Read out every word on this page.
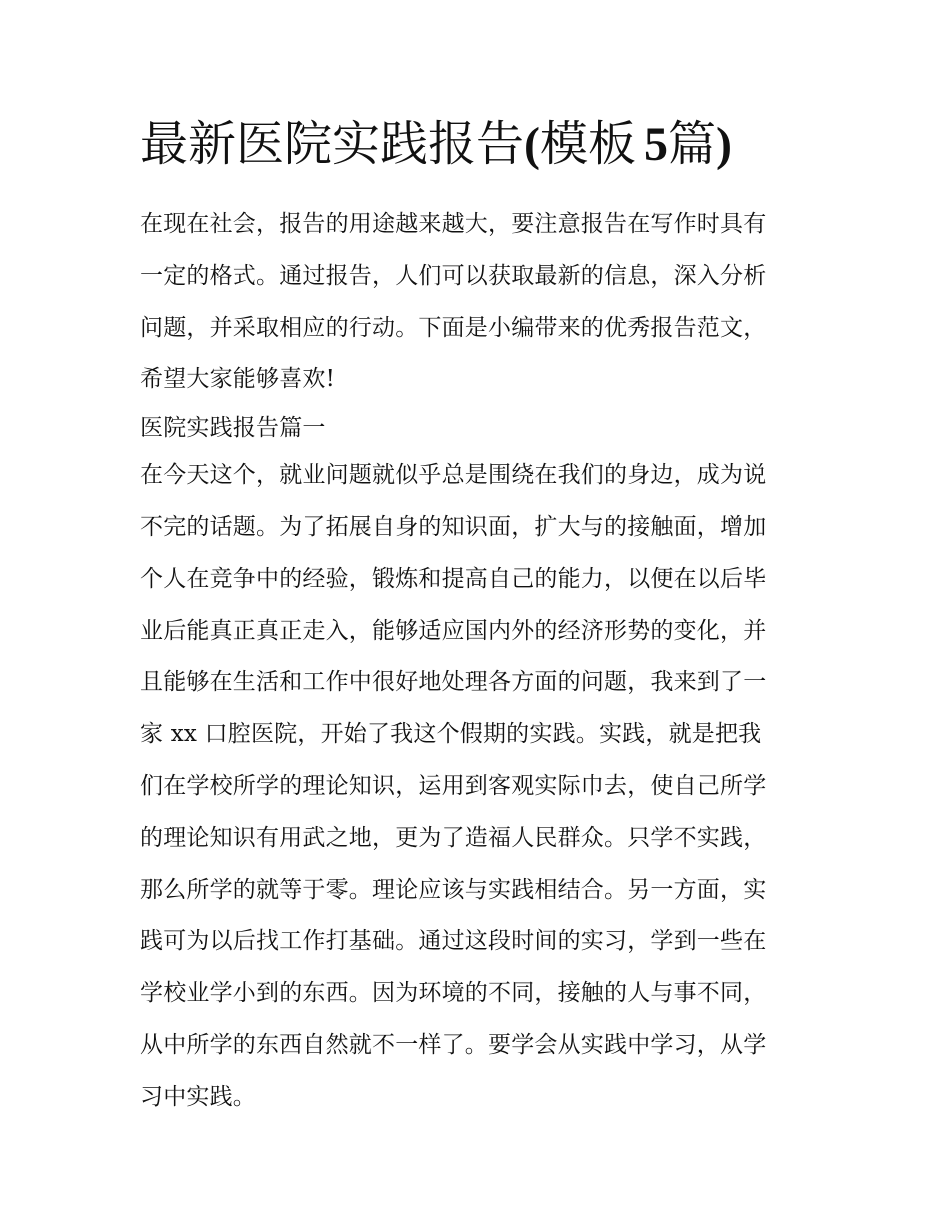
最新医院实践报告(模板 5篇)
在现在社会，报告的用途越来越大，要注意报告在写作时具有
一定的格式。通过报告，人们可以获取最新的信息，深入分析
问题，并采取相应的行动。下面是小编带来的优秀报告范文，
希望大家能够喜欢!
医院实践报告篇一
在今天这个，就业问题就似乎总是围绕在我们的身边，成为说
不完的话题。为了拓展自身的知识面，扩大与的接触面，增加
个人在竞争中的经验，锻炼和提高自己的能力，以便在以后毕
业后能真正真正走入，能够适应国内外的经济形势的变化，并
且能够在生活和工作中很好地处理各方面的问题，我来到了一
家 xx 口腔医院，开始了我这个假期的实践。实践，就是把我
们在学校所学的理论知识，运用到客观实际巾去，使自己所学
的理论知识有用武之地，更为了造福人民群众。只学不实践，
那么所学的就等于零。理论应该与实践相结合。另一方面，实
践可为以后找工作打基础。通过这段时间的实习，学到一些在
学校业学小到的东西。因为环境的不同，接触的人与事不同，
从中所学的东西自然就不一样了。要学会从实践中学习，从学
习中实践。
